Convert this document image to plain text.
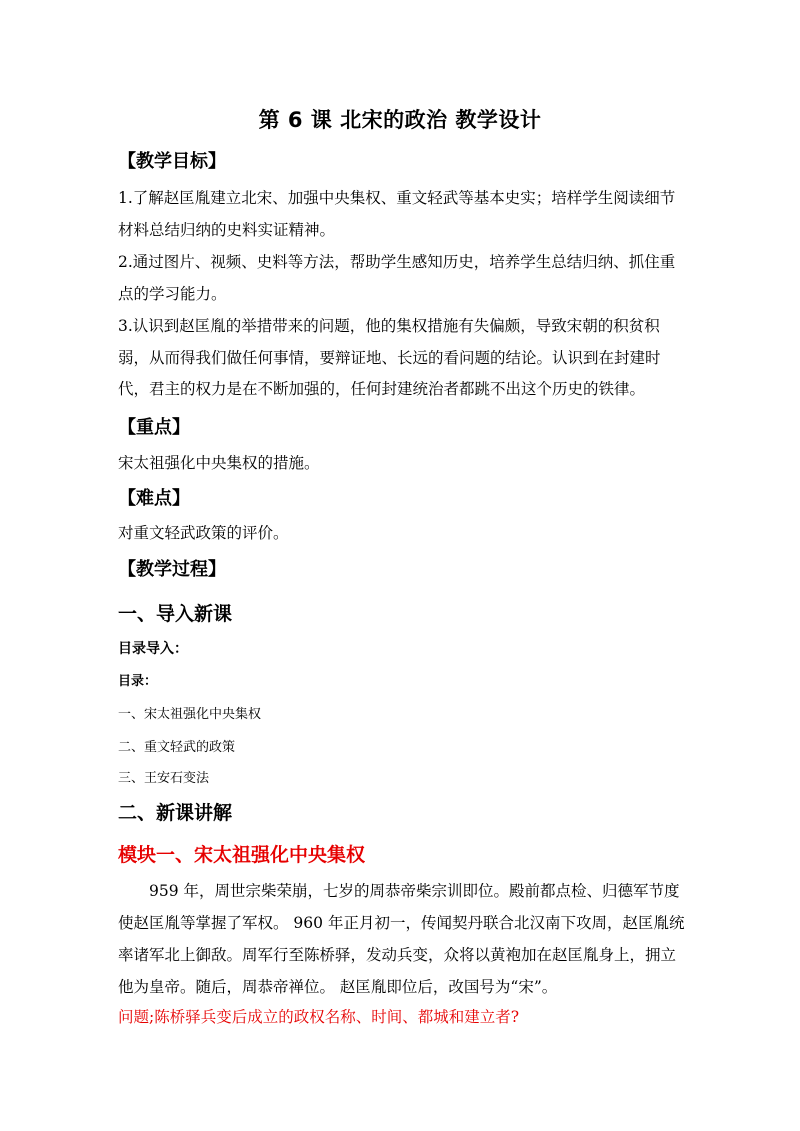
第 6 课 北宋的政治 教学设计
【教学目标】
1.了解赵匡胤建立北宋、加强中央集权、重文轻武等基本史实；培样学生阅读细节材料总结归纳的史料实证精神。
2.通过图片、视频、史料等方法，帮助学生感知历史，培养学生总结归纳、抓住重点的学习能力。
3.认识到赵匡胤的举措带来的问题，他的集权措施有失偏颇，导致宋朝的积贫积弱，从而得我们做任何事情，要辩证地、长远的看问题的结论。认识到在封建时代，君主的权力是在不断加强的，任何封建统治者都跳不出这个历史的铁律。
【重点】
宋太祖强化中央集权的措施。
【难点】
对重文轻武政策的评价。
【教学过程】
一、导入新课
目录导入：
目录：
一、宋太祖强化中央集权
二、重文轻武的政策
三、王安石变法
二、新课讲解
模块一、宋太祖强化中央集权
959 年，周世宗柴荣崩，七岁的周恭帝柴宗训即位。殿前都点检、归德军节度使赵匡胤等掌握了军权。 960 年正月初一，传闻契丹联合北汉南下攻周，赵匡胤统率诸军北上御敌。周军行至陈桥驿，发动兵变，众将以黄袍加在赵匡胤身上，拥立他为皇帝。随后，周恭帝禅位。 赵匡胤即位后，改国号为“宋”。
问题;陈桥驿兵变后成立的政权名称、时间、都城和建立者?
